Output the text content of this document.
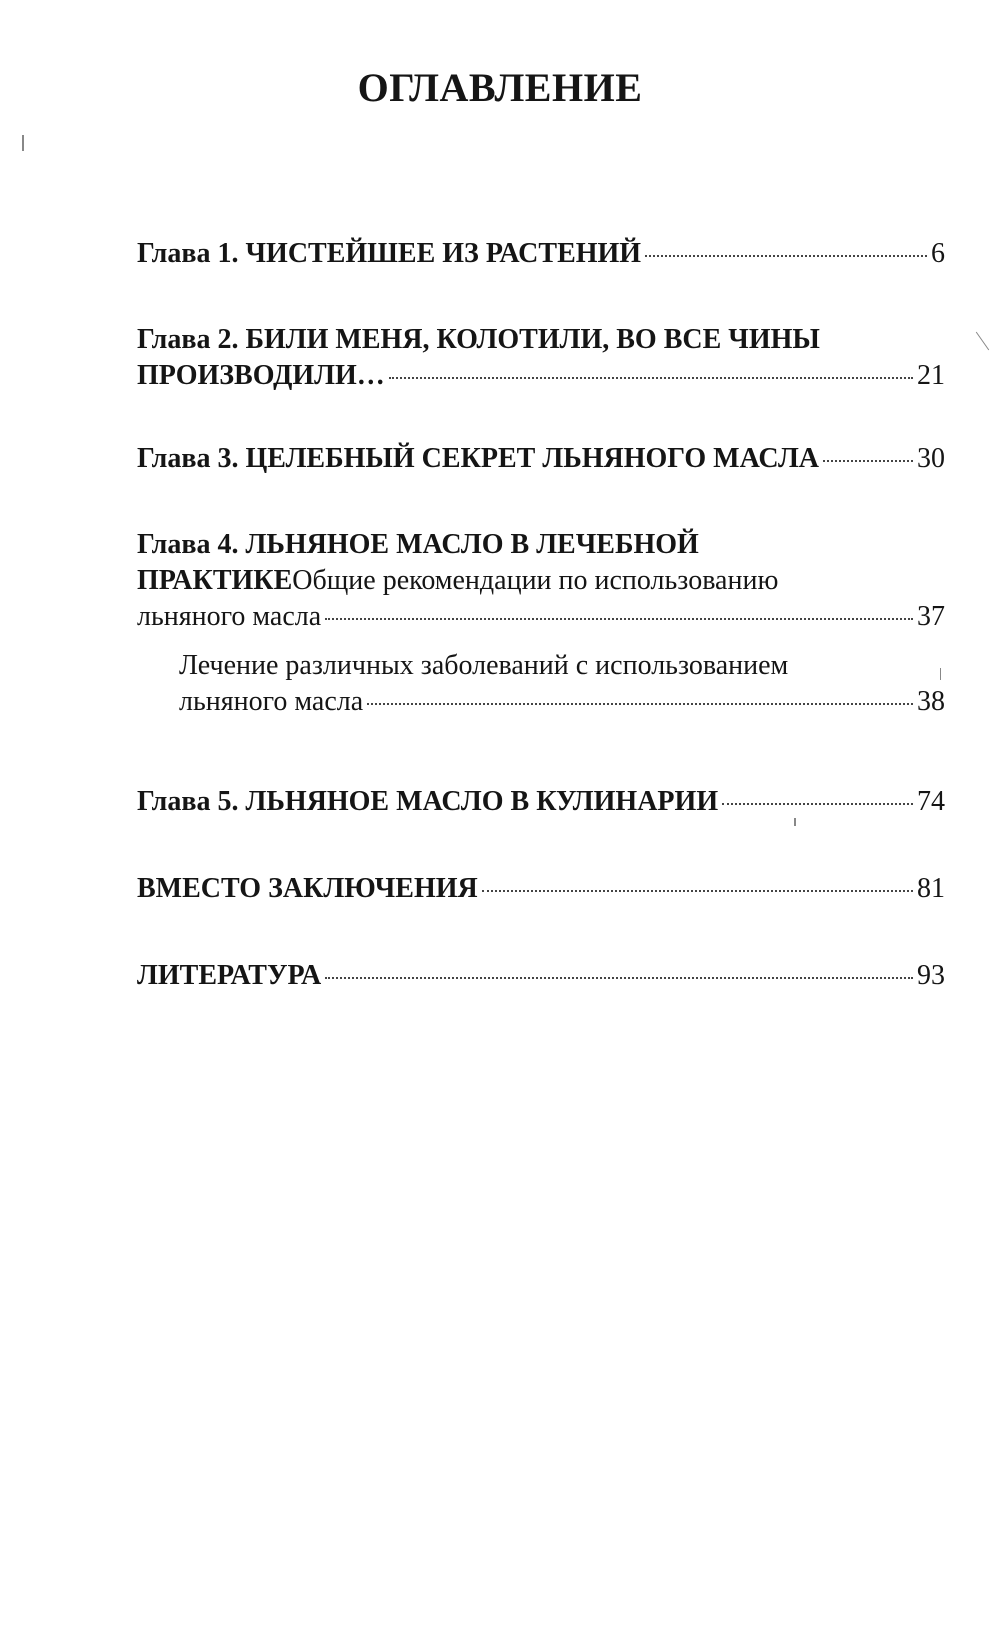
ОГЛАВЛЕНИЕ
Глава 1. ЧИСТЕЙШЕЕ ИЗ РАСТЕНИЙ	6
Глава 2. БИЛИ МЕНЯ, КОЛОТИЛИ, ВО ВСЕ ЧИНЫ
ПРОИЗВОДИЛИ…	21
Глава 3. ЦЕЛЕБНЫЙ СЕКРЕТ ЛЬНЯНОГО МАСЛА	30
Глава 4. ЛЬНЯНОЕ МАСЛО В ЛЕЧЕБНОЙ
ПРАКТИКЕ Общие рекомендации по использованию
льняного масла	37
Лечение различных заболеваний с использованием
льняного масла	38
Глава 5. ЛЬНЯНОЕ МАСЛО В КУЛИНАРИИ	74
ВМЕСТО ЗАКЛЮЧЕНИЯ	81
ЛИТЕРАТУРА	93
